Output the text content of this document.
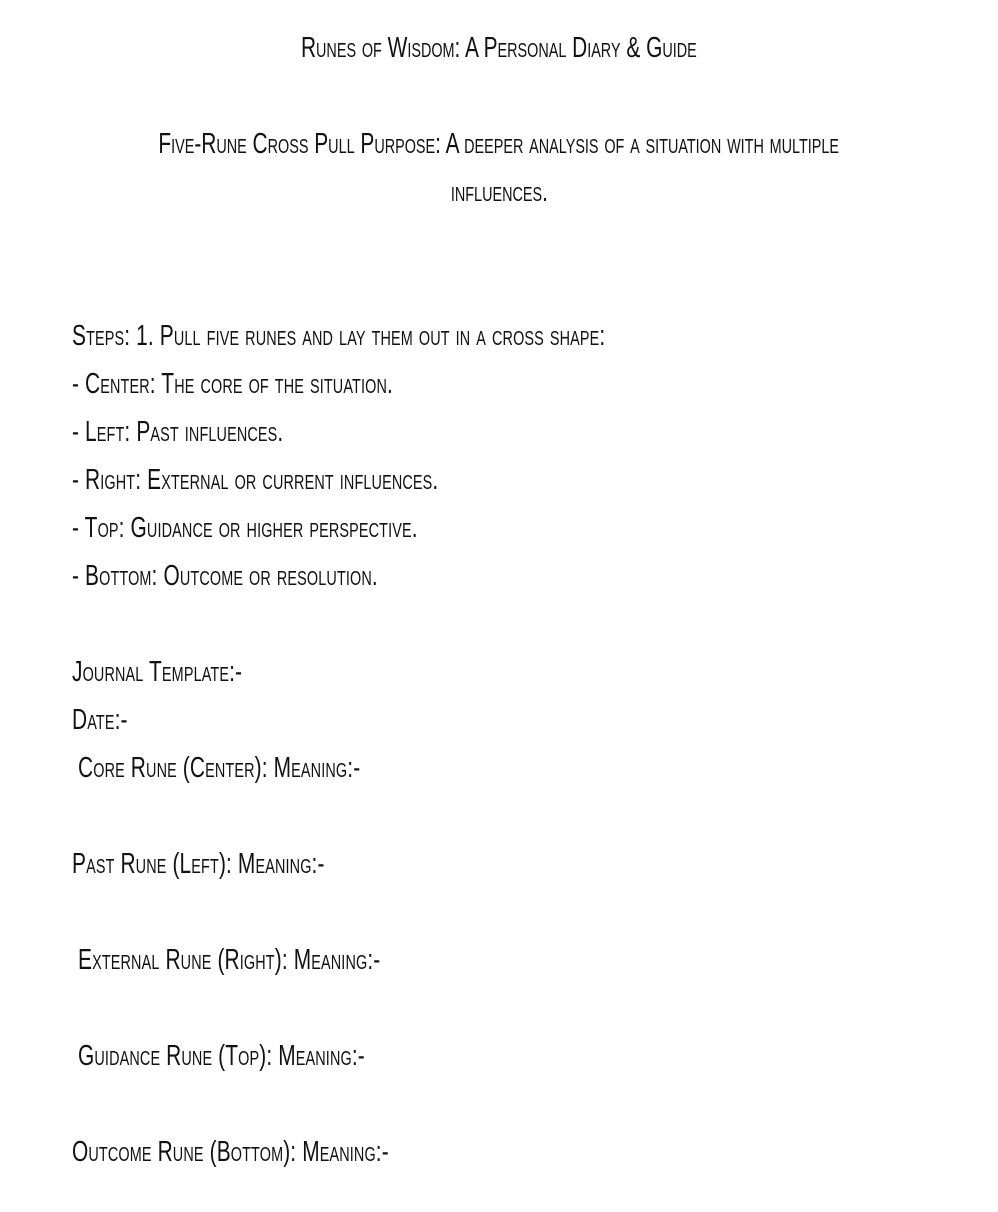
Runes of Wisdom: A Personal Diary & Guide
Five-Rune Cross Pull Purpose: A deeper analysis of a situation with multiple
influences.
Steps: 1. Pull five runes and lay them out in a cross shape:
- Center: The core of the situation.
- Left: Past influences.
- Right: External or current influences.
- Top: Guidance or higher perspective.
- Bottom: Outcome or resolution.
Journal Template:-
Date:-
Core Rune (Center): Meaning:-
Past Rune (Left): Meaning:-
External Rune (Right): Meaning:-
Guidance Rune (Top): Meaning:-
Outcome Rune (Bottom): Meaning:-
